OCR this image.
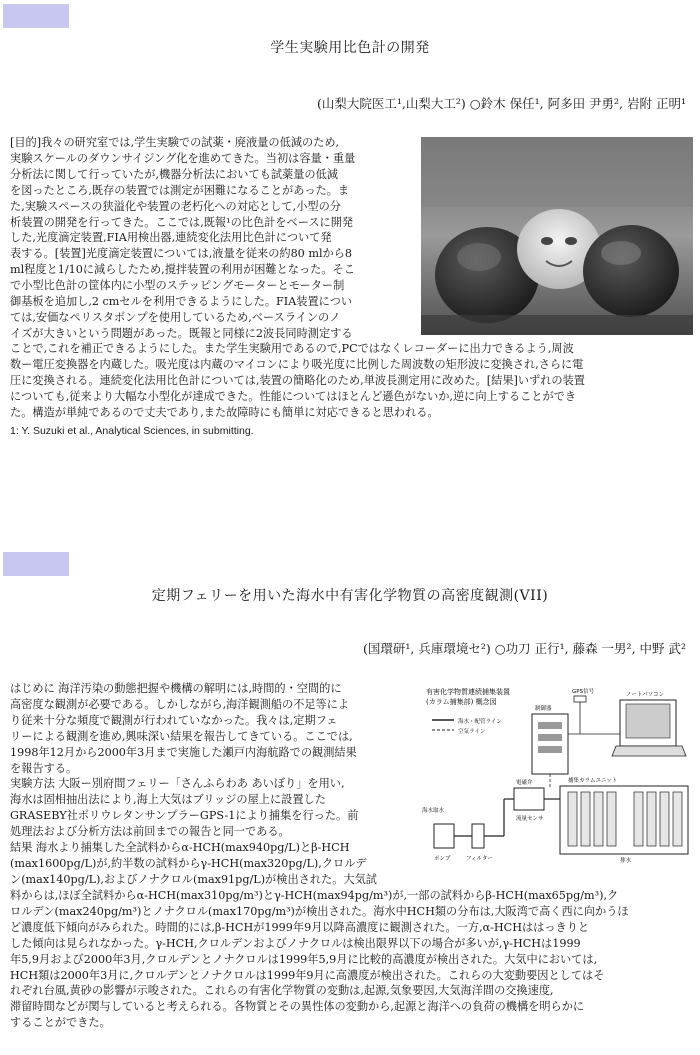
学生実験用比色計の開発
(山梨大院医工¹,山梨大工²) ○鈴木 保任¹, 阿多田 尹勇², 岩附 正明¹

[目的]我々の研究室では,学生実験での試薬・廃液量の低減のため,

実験スケールのダウンサイジング化を進めてきた。当初は容量・重量

分析法に関して行っていたが,機器分析法においても試薬量の低減

を図ったところ,既存の装置では測定が困難になることがあった。ま

た,実験スペースの狭溢化や装置の老朽化への対応として,小型の分

析装置の開発を行ってきた。ここでは,既報¹の比色計をベースに開発

した,光度滴定装置,FIA用検出器,連続変化法用比色計について発

表する。[装置]光度滴定装置については,液量を従来の約80 mlから8

ml程度と1/10に減らしたため,撹拌装置の利用が困難となった。そこ

で小型比色計の筐体内に小型のステッピングモーターとモーター制

御基板を追加し,2 cmセルを利用できるようにした。FIA装置につい

ては,安価なペリスタポンプを使用しているため,ベースラインのノ

イズが大きいという問題があった。既報と同様に2波長同時測定する

ことで,これを補正できるようにした。また学生実験用であるので,PCではなくレコーダーに出力できるよう,周波

数ー電圧変換器を内蔵した。吸光度は内蔵のマイコンにより吸光度に比例した周波数の矩形波に変換され,さらに電

圧に変換される。連続変化法用比色計については,装置の簡略化のため,単波長測定用に改めた。[結果]いずれの装置

についても,従来より大幅な小型化が達成できた。性能についてはほとんど遜色がないか,逆に向上することができ

た。構造が単純であるので丈夫であり,また故障時にも簡単に対応できると思われる。

1: Y. Suzuki et al., Analytical Sciences, in submitting.
定期フェリーを用いた海水中有害化学物質の高密度観測(VII)
(国環研¹, 兵庫環境セ²) ○功刀 正行¹, 藤森 一男², 中野 武²

はじめに 海洋汚染の動態把握や機構の解明には,時間的・空間的に

高密度な観測が必要である。しかしながら,海洋観測船の不足等によ

り従来十分な頻度で観測が行われていなかった。我々は,定期フェ

リーによる観測を進め,興味深い結果を報告してきている。ここでは,

1998年12月から2000年3月まで実施した瀬戸内海航路での観測結果

を報告する。

実験方法 大阪ー別府間フェリー「さんふらわあ あいぼり」を用い,

海水は固相抽出法により,海上大気はブリッジの屋上に設置した

GRASEBY社ポリウレタンサンプラーGPS-1により捕集を行った。前

処理法および分析方法は前回までの報告と同一である。

結果 海水より捕集した全試料からα-HCH(max940pg/L)とβ-HCH

(max1600pg/L)が,約半数の試料からγ-HCH(max320pg/L),クロルデ

ン(max140pg/L),およびノナクロル(max91pg/L)が検出された。大気試

有害化学物質連続捕集装置
(カラム捕集部) 概念図
海水・配管ライン
空気ライン
GPS信号	ノートパソコン
制御器
電磁弁
流量センサ
捕集カラムユニット
海水取水
ポンプ	フィルター	排水

料からは,ほぼ全試料からα-HCH(max310pg/m³)とγ-HCH(max94pg/m³)が,一部の試料からβ-HCH(max65pg/m³),ク

ロルデン(max240pg/m³)とノナクロル(max170pg/m³)が検出された。海水中HCH類の分布は,大阪湾で高く西に向かうほ

ど濃度低下傾向がみられた。時間的には,β-HCHが1999年9月以降高濃度に観測された。一方,α-HCHははっきりと

した傾向は見られなかった。γ-HCH,クロルデンおよびノナクロルは検出限界以下の場合が多いが,γ-HCHは1999

年5,9月および2000年3月,クロルデンとノナクロルは1999年5,9月に比較的高濃度が検出された。大気中においては,

HCH類は2000年3月に,クロルデンとノナクロルは1999年9月に高濃度が検出された。これらの大変動要因としてはそ

れぞれ台風,黄砂の影響が示唆された。これらの有害化学物質の変動は,起源,気象要因,大気海洋間の交換速度,

滞留時間などが関与していると考えられる。各物質とその異性体の変動から,起源と海洋への負荷の機構を明らかに

することができた。
